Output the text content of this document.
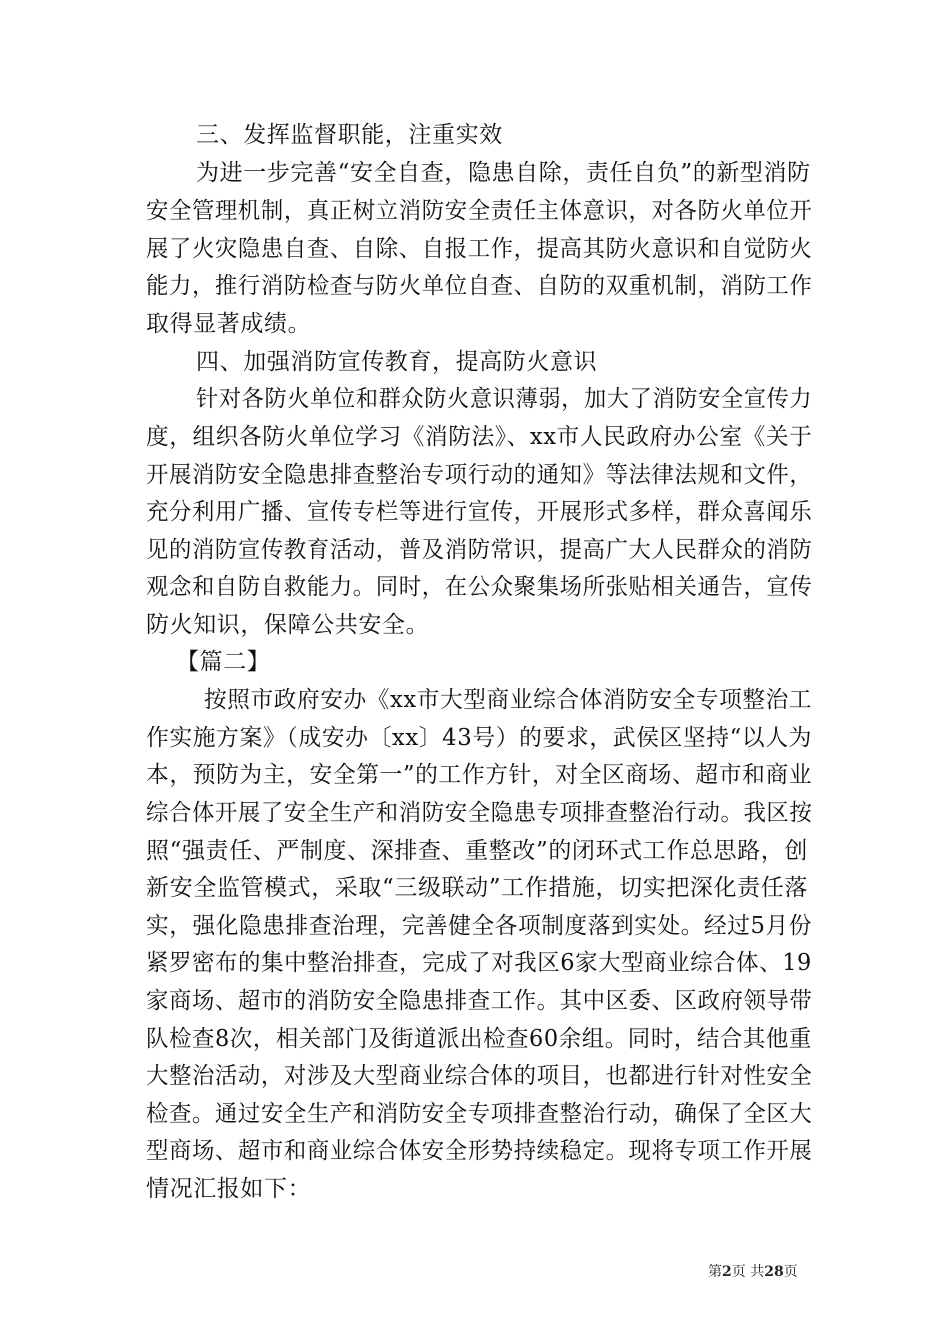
三、发挥监督职能，注重实效
为进一步完善“安全自查，隐患自除，责任自负”的新型消防
安全管理机制，真正树立消防安全责任主体意识，对各防火单位开
展了火灾隐患自查、自除、自报工作，提高其防火意识和自觉防火
能力，推行消防检查与防火单位自查、自防的双重机制，消防工作
取得显著成绩。
四、加强消防宣传教育，提高防火意识
针对各防火单位和群众防火意识薄弱，加大了消防安全宣传力
度，组织各防火单位学习《消防法》、xx市人民政府办公室《关于
开展消防安全隐患排查整治专项行动的通知》等法律法规和文件，
充分利用广播、宣传专栏等进行宣传，开展形式多样，群众喜闻乐
见的消防宣传教育活动，普及消防常识，提高广大人民群众的消防
观念和自防自救能力。同时，在公众聚集场所张贴相关通告，宣传
防火知识，保障公共安全。
【篇二】
按照市政府安办《xx市大型商业综合体消防安全专项整治工
作实施方案》（成安办〔xx〕43号）的要求，武侯区坚持“以人为
本，预防为主，安全第一”的工作方针，对全区商场、超市和商业
综合体开展了安全生产和消防安全隐患专项排查整治行动。我区按
照“强责任、严制度、深排查、重整改”的闭环式工作总思路，创
新安全监管模式，采取“三级联动”工作措施，切实把深化责任落
实，强化隐患排查治理，完善健全各项制度落到实处。经过5月份
紧罗密布的集中整治排查，完成了对我区6家大型商业综合体、19
家商场、超市的消防安全隐患排查工作。其中区委、区政府领导带
队检查8次，相关部门及街道派出检查60余组。同时，结合其他重
大整治活动，对涉及大型商业综合体的项目，也都进行针对性安全
检查。通过安全生产和消防安全专项排查整治行动，确保了全区大
型商场、超市和商业综合体安全形势持续稳定。现将专项工作开展
情况汇报如下：
第2页 共28页
